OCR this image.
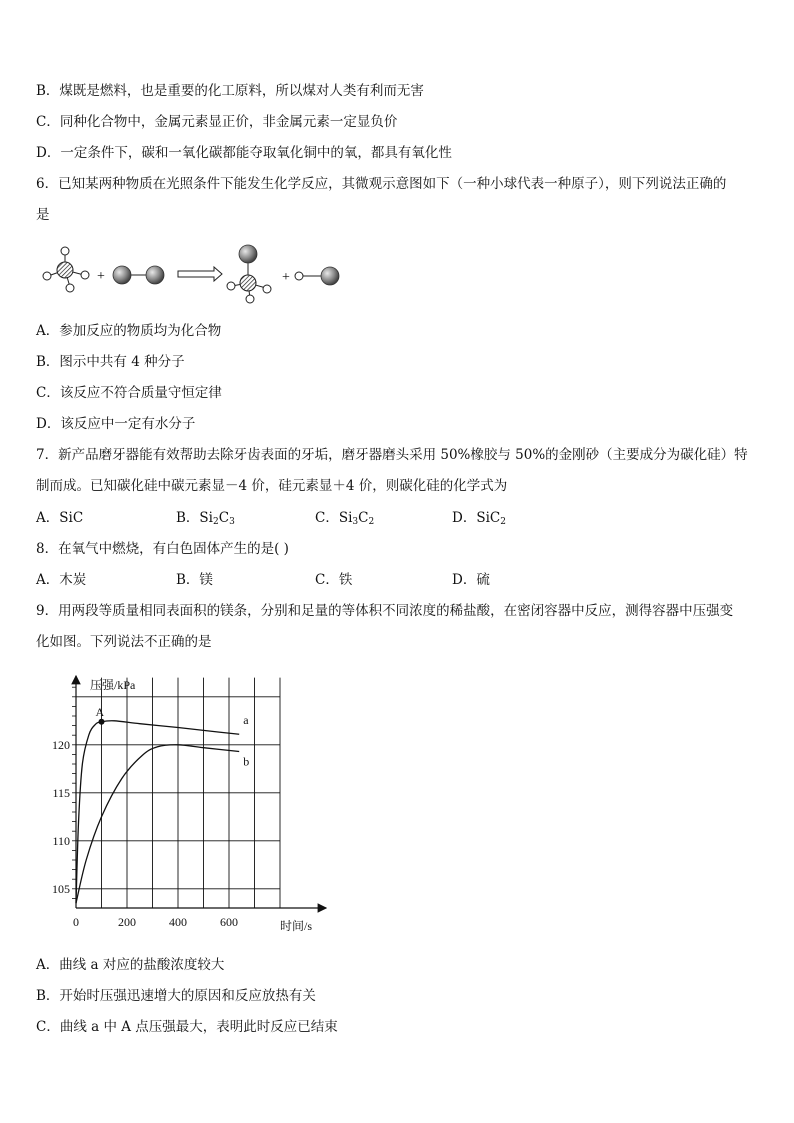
B．煤既是燃料，也是重要的化工原料，所以煤对人类有利而无害
C．同种化合物中，金属元素显正价，非金属元素一定显负价
D．一定条件下，碳和一氧化碳都能夺取氧化铜中的氧，都具有氧化性
6．已知某两种物质在光照条件下能发生化学反应，其微观示意图如下（一种小球代表一种原子），则下列说法正确的
是
+	+
A．参加反应的物质均为化合物
B．图示中共有 4 种分子
C．该反应不符合质量守恒定律
D．该反应中一定有水分子
7．新产品磨牙器能有效帮助去除牙齿表面的牙垢，磨牙器磨头采用 50%橡胶与 50%的金刚砂（主要成分为碳化硅）特
制而成。已知碳化硅中碳元素显－4 价，硅元素显＋4 价，则碳化硅的化学式为
A．SiC	B．$Si_2C_3$	C．$Si_3C_2$	D．SiC$_2$
8．在氧气中燃烧，有白色固体产生的是( )
A．木炭	B．镁	C．铁	D．硫
9．用两段等质量相同表面积的镁条，分别和足量的等体积不同浓度的稀盐酸，在密闭容器中反应，测得容器中压强变
化如图。下列说法不正确的是
压强/kPa
时间/s
0	200	400	600
105
110
115
120
A
a
b
A．曲线 a 对应的盐酸浓度较大
B．开始时压强迅速增大的原因和反应放热有关
C．曲线 a 中 A 点压强最大，表明此时反应已结束
